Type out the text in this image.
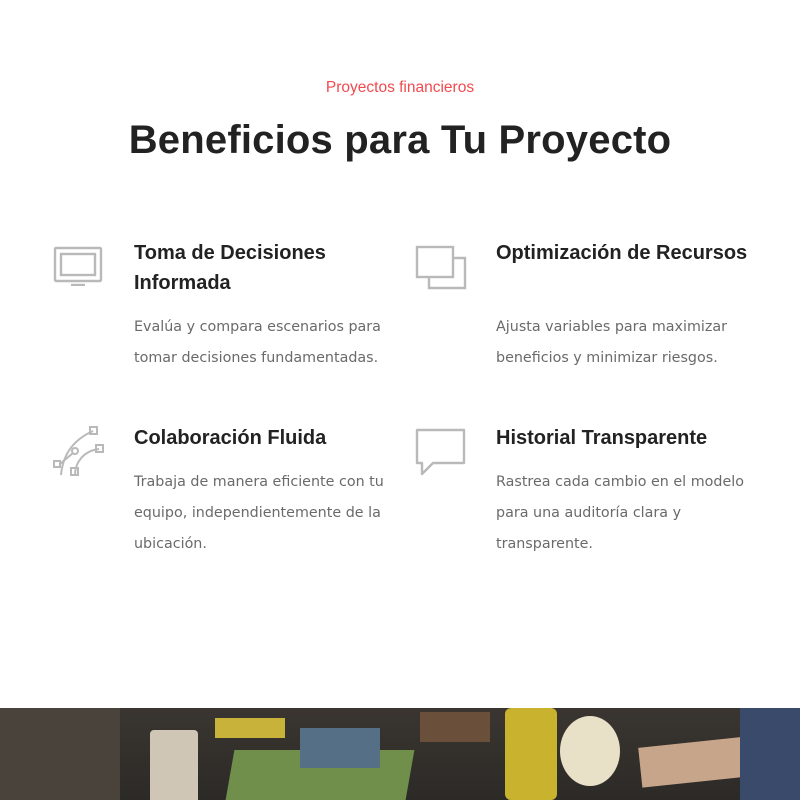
Proyectos financieros
Beneficios para Tu Proyecto
Toma de Decisiones Informada

Evalúa y compara escenarios para tomar decisiones fundamentadas.

Optimización de Recursos

Ajusta variables para maximizar beneficios y minimizar riesgos.

Colaboración Fluida

Trabaja de manera eficiente con tu equipo, independientemente de la ubicación.

Historial Transparente

Rastrea cada cambio en el modelo para una auditoría clara y transparente.
